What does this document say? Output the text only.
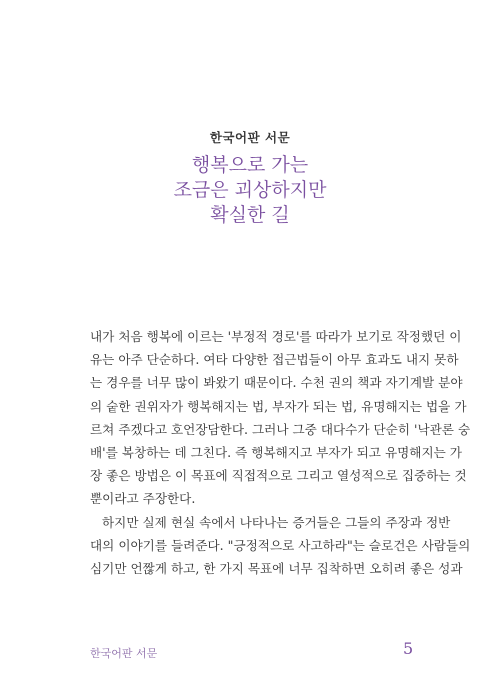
한국어판 서문
행복으로 가는
조금은 괴상하지만
확실한 길
내가 처음 행복에 이르는 '부정적 경로'를 따라가 보기로 작정했던 이
유는 아주 단순하다. 여타 다양한 접근법들이 아무 효과도 내지 못하
는 경우를 너무 많이 봐왔기 때문이다. 수천 권의 책과 자기계발 분야
의 숱한 권위자가 행복해지는 법, 부자가 되는 법, 유명해지는 법을 가
르쳐 주겠다고 호언장담한다. 그러나 그중 대다수가 단순히 '낙관론 숭
배'를 복창하는 데 그친다. 즉 행복해지고 부자가 되고 유명해지는 가
장 좋은 방법은 이 목표에 직접적으로 그리고 열성적으로 집중하는 것
뿐이라고 주장한다.
하지만 실제 현실 속에서 나타나는 증거들은 그들의 주장과 정반
대의 이야기를 들려준다. "긍정적으로 사고하라"는 슬로건은 사람들의
심기만 언짢게 하고, 한 가지 목표에 너무 집착하면 오히려 좋은 성과
한국어판 서문	5
